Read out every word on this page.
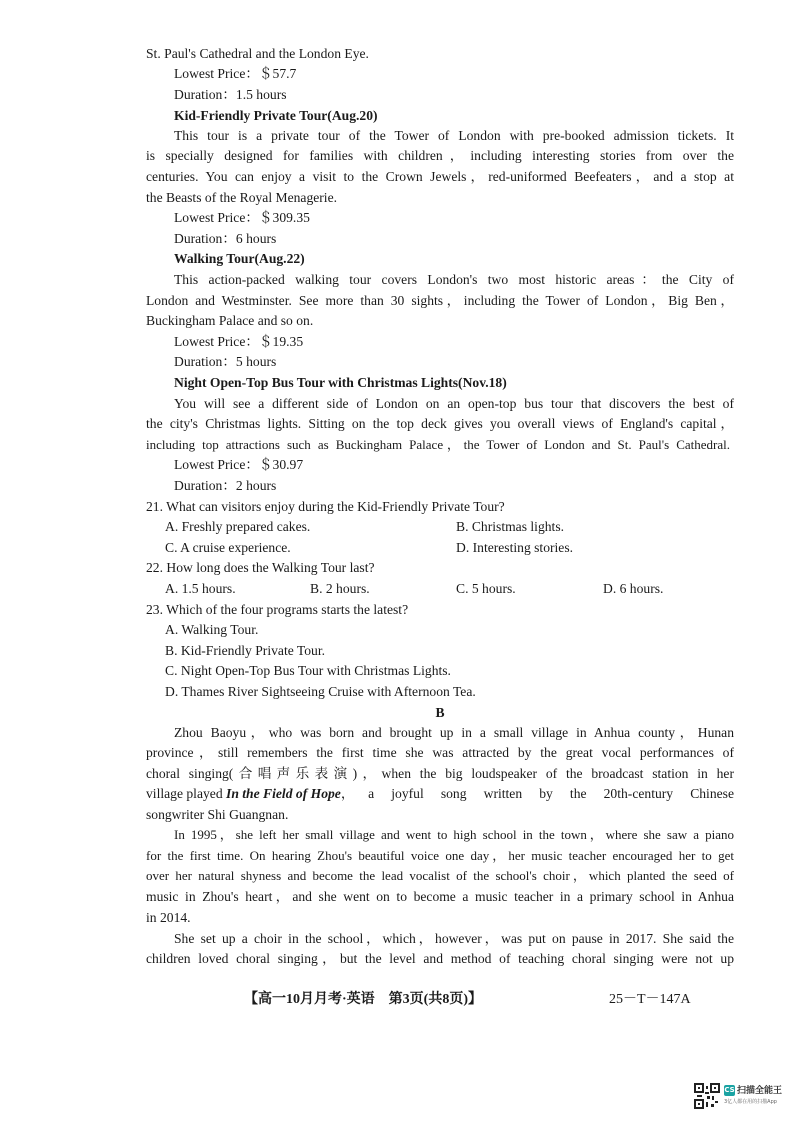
St. Paul's Cathedral and the London Eye.
Lowest Price：＄57.7
Duration：1.5 hours
Kid-Friendly Private Tour(Aug.20)
This tour is a private tour of the Tower of London with pre-booked admission tickets. It
is specially designed for families with children，including interesting stories from over the
centuries. You can enjoy a visit to the Crown Jewels，red-uniformed Beefeaters，and a stop at
the Beasts of the Royal Menagerie.
Lowest Price：＄309.35
Duration：6 hours
Walking Tour(Aug.22)
This action-packed walking tour covers London's two most historic areas：the City of
London and Westminster. See more than 30 sights，including the Tower of London，Big Ben，
Buckingham Palace and so on.
Lowest Price：＄19.35
Duration：5 hours
Night Open-Top Bus Tour with Christmas Lights(Nov.18)
You will see a different side of London on an open-top bus tour that discovers the best of
the city's Christmas lights. Sitting on the top deck gives you overall views of England's capital，
including top attractions such as Buckingham Palace，the Tower of London and St. Paul's Cathedral.
Lowest Price：＄30.97
Duration：2 hours
21. What can visitors enjoy during the Kid-Friendly Private Tour?
A. Freshly prepared cakes.	B. Christmas lights.
C. A cruise experience.	D. Interesting stories.
22. How long does the Walking Tour last?
A. 1.5 hours.	B. 2 hours.	C. 5 hours.	D. 6 hours.
23. Which of the four programs starts the latest?
A. Walking Tour.
B. Kid-Friendly Private Tour.
C. Night Open-Top Bus Tour with Christmas Lights.
D. Thames River Sightseeing Cruise with Afternoon Tea.
B
Zhou Baoyu，who was born and brought up in a small village in Anhua county，Hunan
province，still remembers the first time she was attracted by the great vocal performances of
choral singing(合唱声乐表演)，when the big loudspeaker of the broadcast station in her
village played In the Field of Hope ，a joyful song written by the 20th-century Chinese
songwriter Shi Guangnan.
In 1995，she left her small village and went to high school in the town，where she saw a piano
for the first time. On hearing Zhou's beautiful voice one day，her music teacher encouraged her to get
over her natural shyness and become the lead vocalist of the school's choir，which planted the seed of
music in Zhou's heart，and she went on to become a music teacher in a primary school in Anhua
in 2014.
She set up a choir in the school，which，however，was put on pause in 2017. She said the
children loved choral singing，but the level and method of teaching choral singing were not up
【高一10月月考·英语　第3页(共8页)】	25－T－147A
CS 扫描全能王
3亿人都在用的扫描App
